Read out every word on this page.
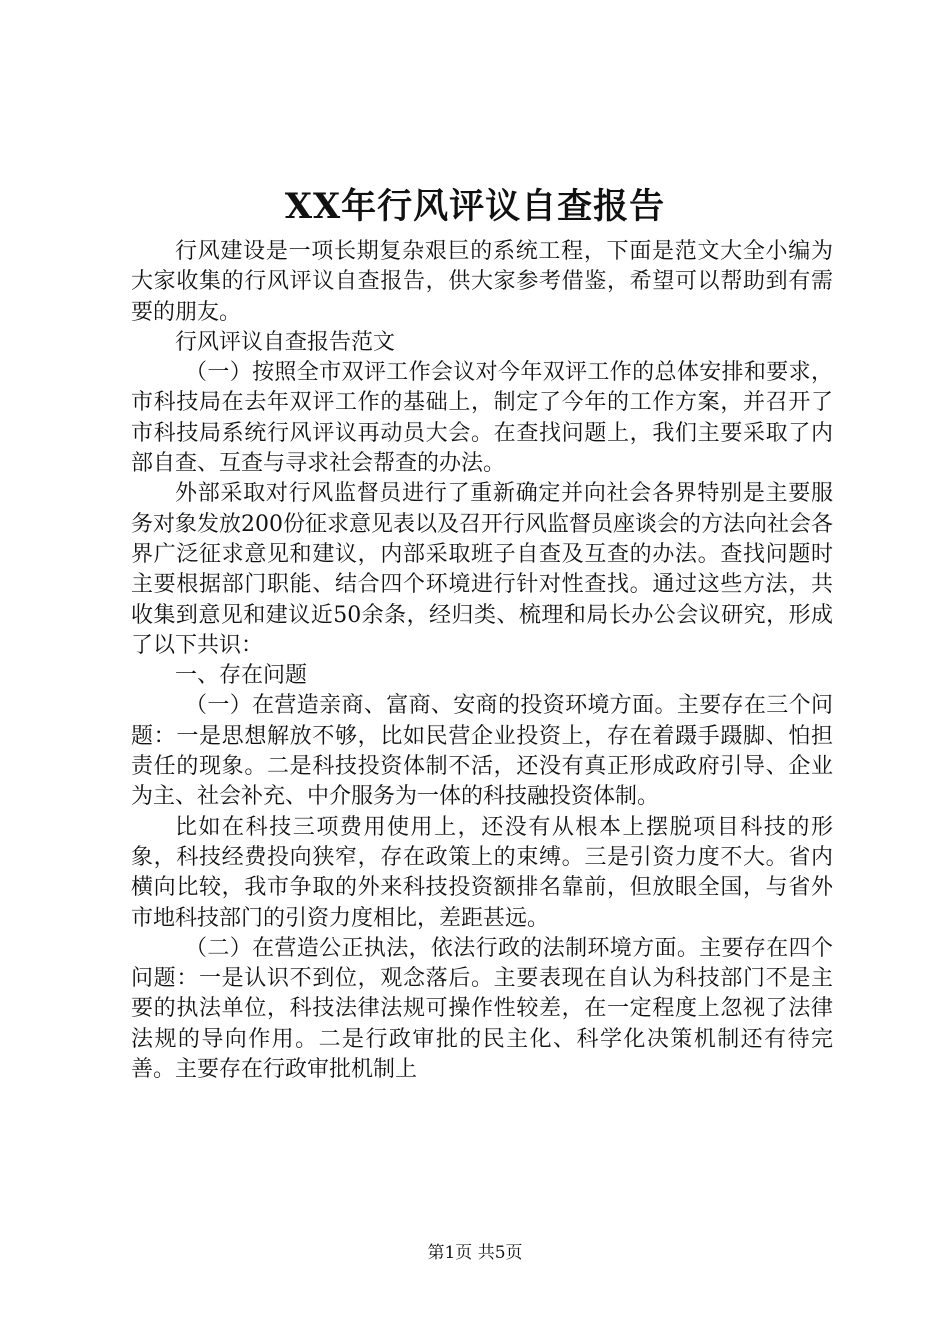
XX年行风评议自查报告

行风建设是一项长期复杂艰巨的系统工程，下面是范文大全小编为大家收集的行风评议自查报告，供大家参考借鉴，希望可以帮助到有需要的朋友。

行风评议自查报告范文

（一）按照全市双评工作会议对今年双评工作的总体安排和要求，市科技局在去年双评工作的基础上，制定了今年的工作方案，并召开了市科技局系统行风评议再动员大会。在查找问题上，我们主要采取了内部自查、互查与寻求社会帮查的办法。

外部采取对行风监督员进行了重新确定并向社会各界特别是主要服务对象发放200份征求意见表以及召开行风监督员座谈会的方法向社会各界广泛征求意见和建议，内部采取班子自查及互查的办法。查找问题时主要根据部门职能、结合四个环境进行针对性查找。通过这些方法，共收集到意见和建议近50余条，经归类、梳理和局长办公会议研究，形成了以下共识：

一、存在问题

（一）在营造亲商、富商、安商的投资环境方面。主要存在三个问题：一是思想解放不够，比如民营企业投资上，存在着蹑手蹑脚、怕担责任的现象。二是科技投资体制不活，还没有真正形成政府引导、企业为主、社会补充、中介服务为一体的科技融投资体制。

比如在科技三项费用使用上，还没有从根本上摆脱项目科技的形象，科技经费投向狭窄，存在政策上的束缚。三是引资力度不大。省内横向比较，我市争取的外来科技投资额排名靠前，但放眼全国，与省外市地科技部门的引资力度相比，差距甚远。

（二）在营造公正执法，依法行政的法制环境方面。主要存在四个问题：一是认识不到位，观念落后。主要表现在自认为科技部门不是主要的执法单位，科技法律法规可操作性较差，在一定程度上忽视了法律法规的导向作用。二是行政审批的民主化、科学化决策机制还有待完善。主要存在行政审批机制上

第1页 共5页
